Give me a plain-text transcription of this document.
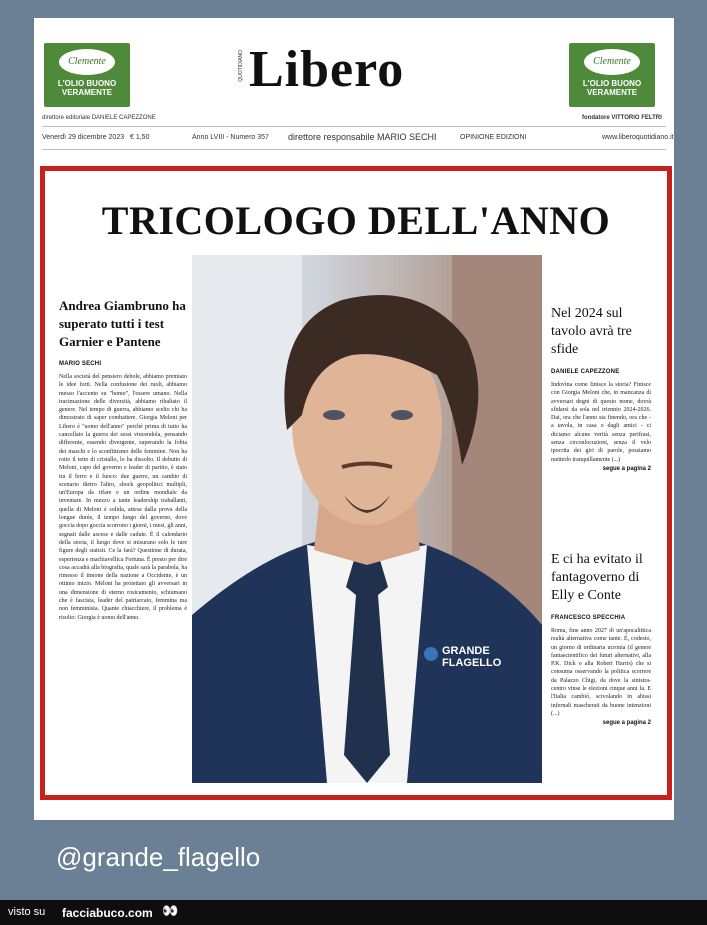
Clemente
L'OLIO BUONO VERAMENTE
Clemente
L'OLIO BUONO VERAMENTE
QUOTIDIANO Libero
direttore editoriale DANIELE CAPEZZONE	fondatore VITTORIO FELTRI
Venerdì 29 dicembre 2023 € 1,50	Anno LVIII - Numero 357 direttore responsabile MARIO SECHI	OPINIONE EDIZIONI	www.liberoquotidiano.it
TRICOLOGO DELL'ANNO
GRANDE
FLAGELLO
Andrea Giambruno ha superato tutti i test Garnier e Pantene
MARIO SECHI
Nella società del pensiero debole, abbiamo premiato le idee forti. Nella confusione dei ruoli, abbiamo messo l'accento su "homo", l'essere umano. Nella tracimazione delle diversità, abbiamo ribaltato il genere. Nel tempo di guerra, abbiamo scelto chi ha dimostrato di saper combattere. Giorgia Meloni per Libero è "uomo dell'anno" perché prima di tutto ha cancellato la guerra dei sessi vincendola, pensando differente, essendo divergente, superando la fobia dei maschi e lo sconfittismo delle femmine. Non ha rotto il tetto di cristallo, lo ha dissolto. Il debutto di Meloni, capo del governo e leader di partito, è stato tra il ferro e il fuoco: due guerre, un cambio di scenario dietro l'altro, shock geopolitici multipli, un'Europa da rifare e un ordine mondiale da inventare. In mezzo a tante leadership traballanti, quella di Meloni è solida, attesa dalla prova della longue durée, il tempo lungo del governo, dove goccia dopo goccia scorrono i giorni, i mesi, gli anni, segnati dalle ascese e dalle cadute. È il calendario della storia, il luogo dove si misurano solo le rare figure degli statisti. Ce la farà? Questione di durata, esperienza e machiavellica Fortuna. È presto per dire cosa accadrà alla biografia, quale sarà la parabola, ha rimesso il timone della nazione a Occidente, è un ottimo inizio. Meloni ha proiettato gli avversari in una dimensione di eterno rosicamento, schiumano che è fascista, leader del patriarcato, femmina ma non femminista. Quante chiacchiere, il problema è risolto: Giorgia è uomo dell'anno.
Nel 2024 sul tavolo avrà tre sfide
DANIELE CAPEZZONE
Indovina come finisce la storia? Finisce con Giorgia Meloni che, in mancanza di avversari degni di questo nome, dovrà sfidarsi da sola nel triennio 2024-2026. Dai, ora che l'anno sta finendo, ora che - a tavola, in casa o dagli amici - ci diciamo alcune verità senza perifrasi, senza circonlocuzioni, senza il velo ipocrita dei giri di parole, possiamo metterlo tranquillamente (...)
segue a pagina 2
E ci ha evitato il fantagoverno di Elly e Conte
FRANCESCO SPECCHIA
Roma, fine anno 2027 di un'apocalittica realtà alternativa come tante. È, codesto, un giorno di ordinaria ucronia (il genere fantascientifico dei futuri alternativi, alla P.K. Dick o alla Robert Harris) che si consuma osservando la politica scorrere da Palazzo Chigi, da dove la sinistra-centro vinse le elezioni cinque anni fa. E l'Italia cambiò, scivolando in abissi infernali mascherati da buone intenzioni (...)
segue a pagina 2
@grande_flagello
visto su facciabuco.com 👀
